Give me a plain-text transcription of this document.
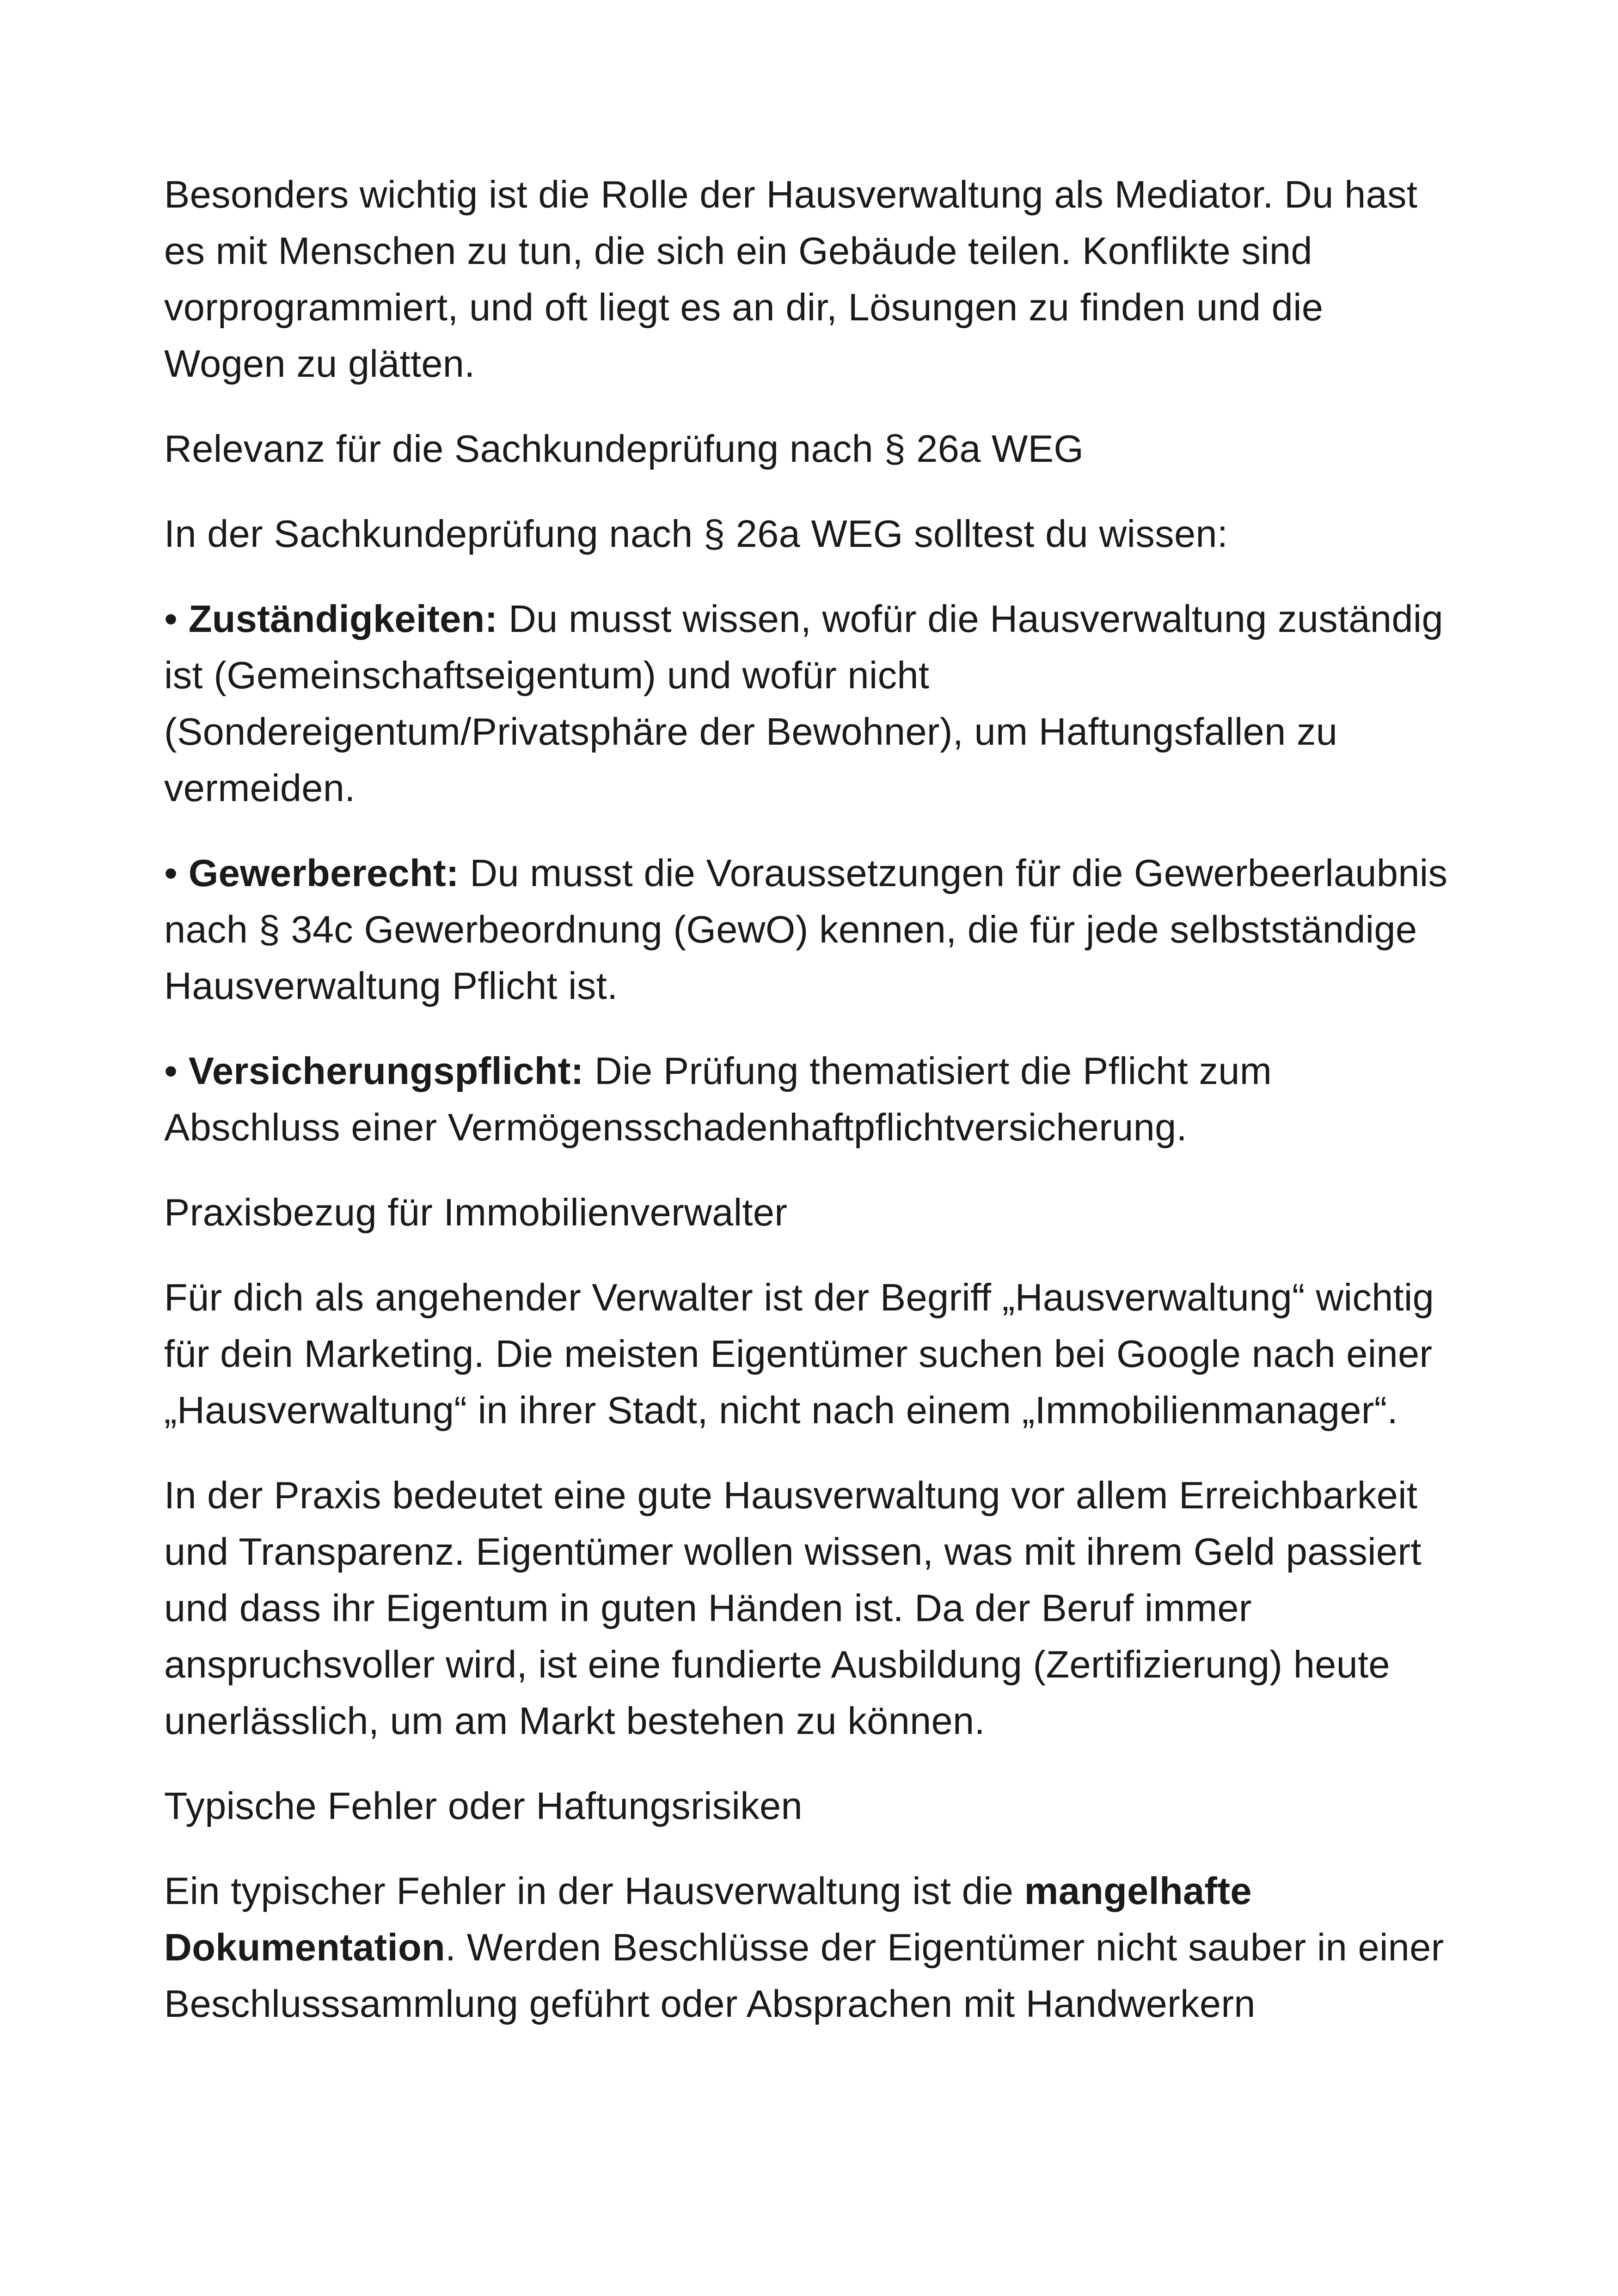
Besonders wichtig ist die Rolle der Hausverwaltung als Mediator. Du hast es mit Menschen zu tun, die sich ein Gebäude teilen. Konflikte sind vorprogrammiert, und oft liegt es an dir, Lösungen zu finden und die Wogen zu glätten.

Relevanz für die Sachkundeprüfung nach § 26a WEG

In der Sachkundeprüfung nach § 26a WEG solltest du wissen:

• Zuständigkeiten: Du musst wissen, wofür die Hausverwaltung zuständig ist (Gemeinschaftseigentum) und wofür nicht (Sondereigentum/Privatsphäre der Bewohner), um Haftungsfallen zu vermeiden.

• Gewerberecht: Du musst die Voraussetzungen für die Gewerbeerlaubnis nach § 34c Gewerbeordnung (GewO) kennen, die für jede selbstständige Hausverwaltung Pflicht ist.

• Versicherungspflicht: Die Prüfung thematisiert die Pflicht zum Abschluss einer Vermögensschadenhaftpflichtversicherung.

Praxisbezug für Immobilienverwalter

Für dich als angehender Verwalter ist der Begriff „Hausverwaltung“ wichtig für dein Marketing. Die meisten Eigentümer suchen bei Google nach einer „Hausverwaltung“ in ihrer Stadt, nicht nach einem „Immobilienmanager“.

In der Praxis bedeutet eine gute Hausverwaltung vor allem Erreichbarkeit und Transparenz. Eigentümer wollen wissen, was mit ihrem Geld passiert und dass ihr Eigentum in guten Händen ist. Da der Beruf immer anspruchsvoller wird, ist eine fundierte Ausbildung (Zertifizierung) heute unerlässlich, um am Markt bestehen zu können.

Typische Fehler oder Haftungsrisiken

Ein typischer Fehler in der Hausverwaltung ist die mangelhafte Dokumentation. Werden Beschlüsse der Eigentümer nicht sauber in einer Beschlusssammlung geführt oder Absprachen mit Handwerkern
